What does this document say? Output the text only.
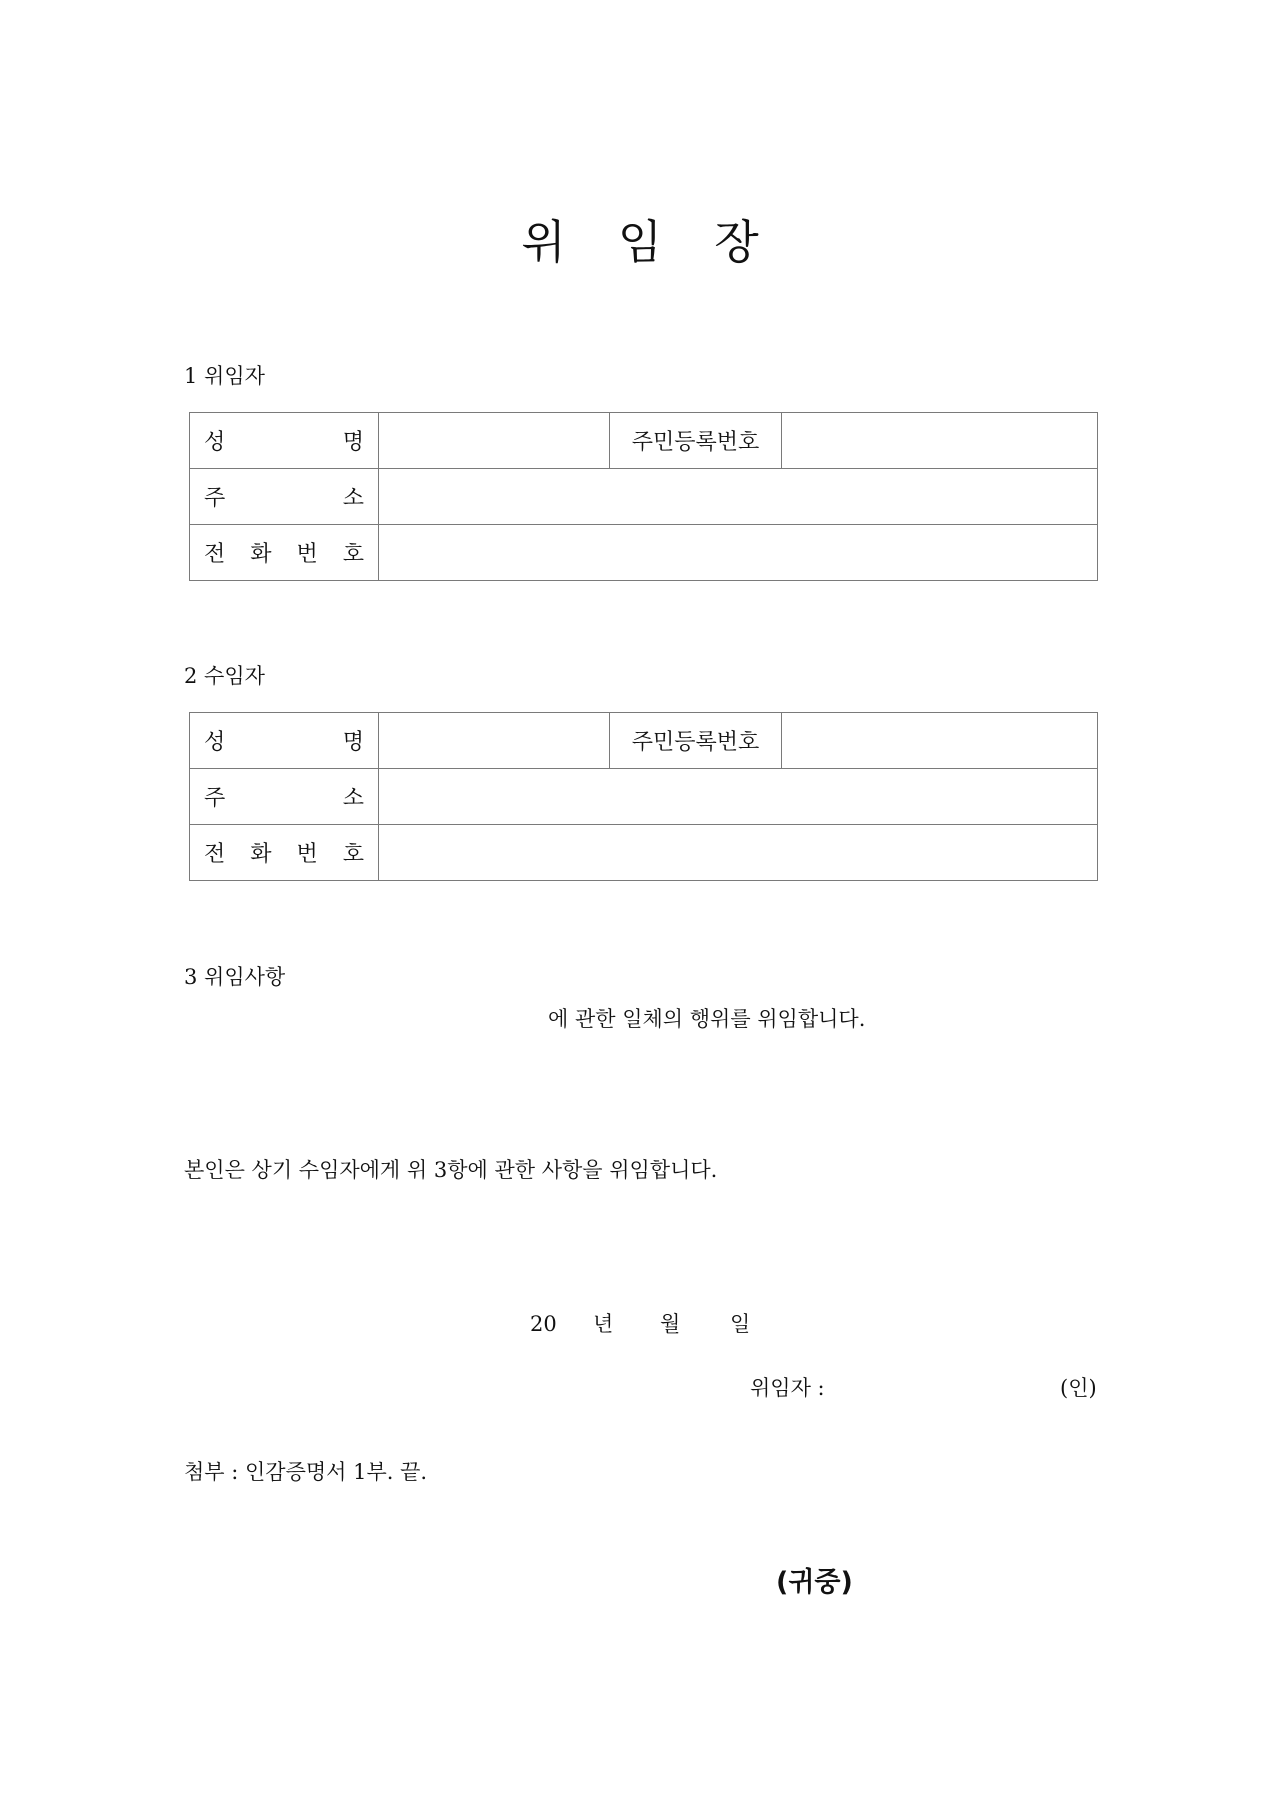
위임장
1 위임자
성 명		주민등록번호	

주 소			

전 화 번 호			

2 수임자
성 명		주민등록번호	

주 소			

전 화 번 호			

3 위임사항
에 관한 일체의 행위를 위임합니다.
본인은 상기 수임자에게 위 3항에 관한 사항을 위임합니다.
20 년 월 일
위임자 :	(인)
첨부 : 인감증명서 1부. 끝.
(귀중)
